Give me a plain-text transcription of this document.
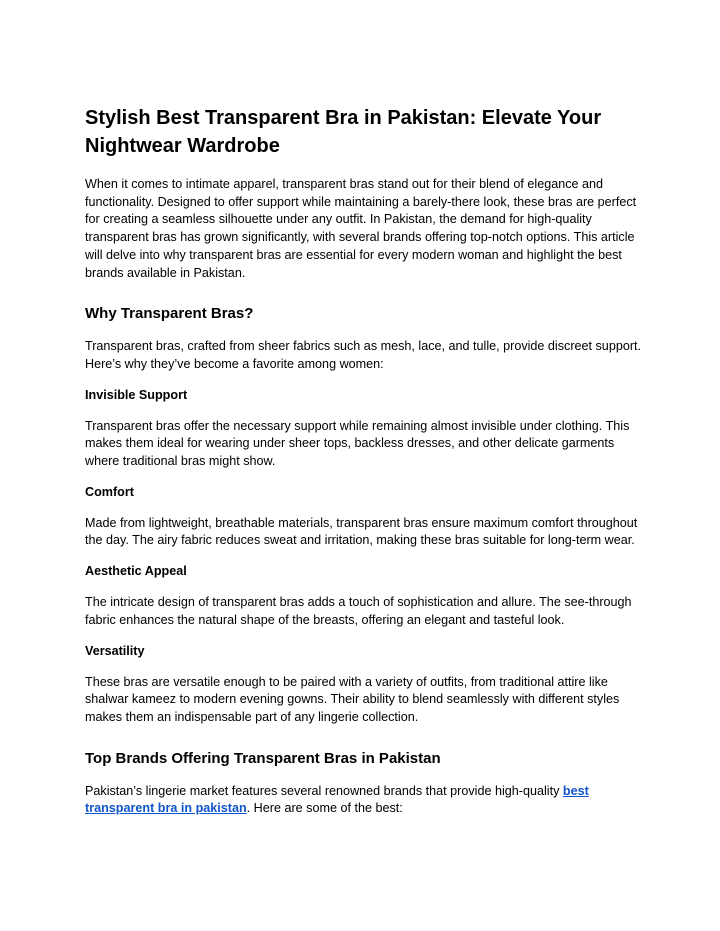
Stylish Best Transparent Bra in Pakistan: Elevate Your Nightwear Wardrobe

When it comes to intimate apparel, transparent bras stand out for their blend of elegance and functionality. Designed to offer support while maintaining a barely-there look, these bras are perfect for creating a seamless silhouette under any outfit. In Pakistan, the demand for high-quality transparent bras has grown significantly, with several brands offering top-notch options. This article will delve into why transparent bras are essential for every modern woman and highlight the best brands available in Pakistan.

Why Transparent Bras?

Transparent bras, crafted from sheer fabrics such as mesh, lace, and tulle, provide discreet support. Here’s why they’ve become a favorite among women:

Invisible Support

Transparent bras offer the necessary support while remaining almost invisible under clothing. This makes them ideal for wearing under sheer tops, backless dresses, and other delicate garments where traditional bras might show.

Comfort

Made from lightweight, breathable materials, transparent bras ensure maximum comfort throughout the day. The airy fabric reduces sweat and irritation, making these bras suitable for long-term wear.

Aesthetic Appeal

The intricate design of transparent bras adds a touch of sophistication and allure. The see-through fabric enhances the natural shape of the breasts, offering an elegant and tasteful look.

Versatility

These bras are versatile enough to be paired with a variety of outfits, from traditional attire like shalwar kameez to modern evening gowns. Their ability to blend seamlessly with different styles makes them an indispensable part of any lingerie collection.

Top Brands Offering Transparent Bras in Pakistan

Pakistan’s lingerie market features several renowned brands that provide high-quality best transparent bra in pakistan. Here are some of the best:
